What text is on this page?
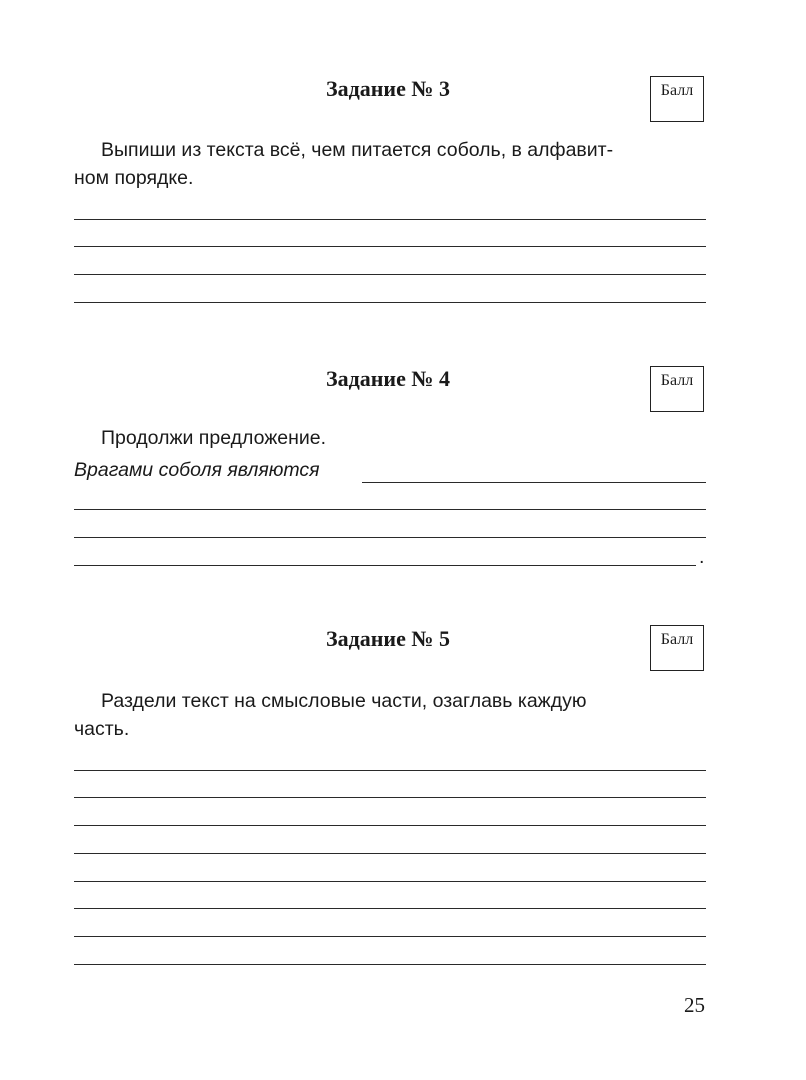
Задание № 3	Балл
Выпиши из текста всё, чем питается соболь, в алфавит-
ном порядке.
Задание № 4	Балл
Продолжи предложение.
Врагами соболя являются
.
Задание № 5	Балл
Раздели текст на смысловые части, озаглавь каждую
часть.
25
